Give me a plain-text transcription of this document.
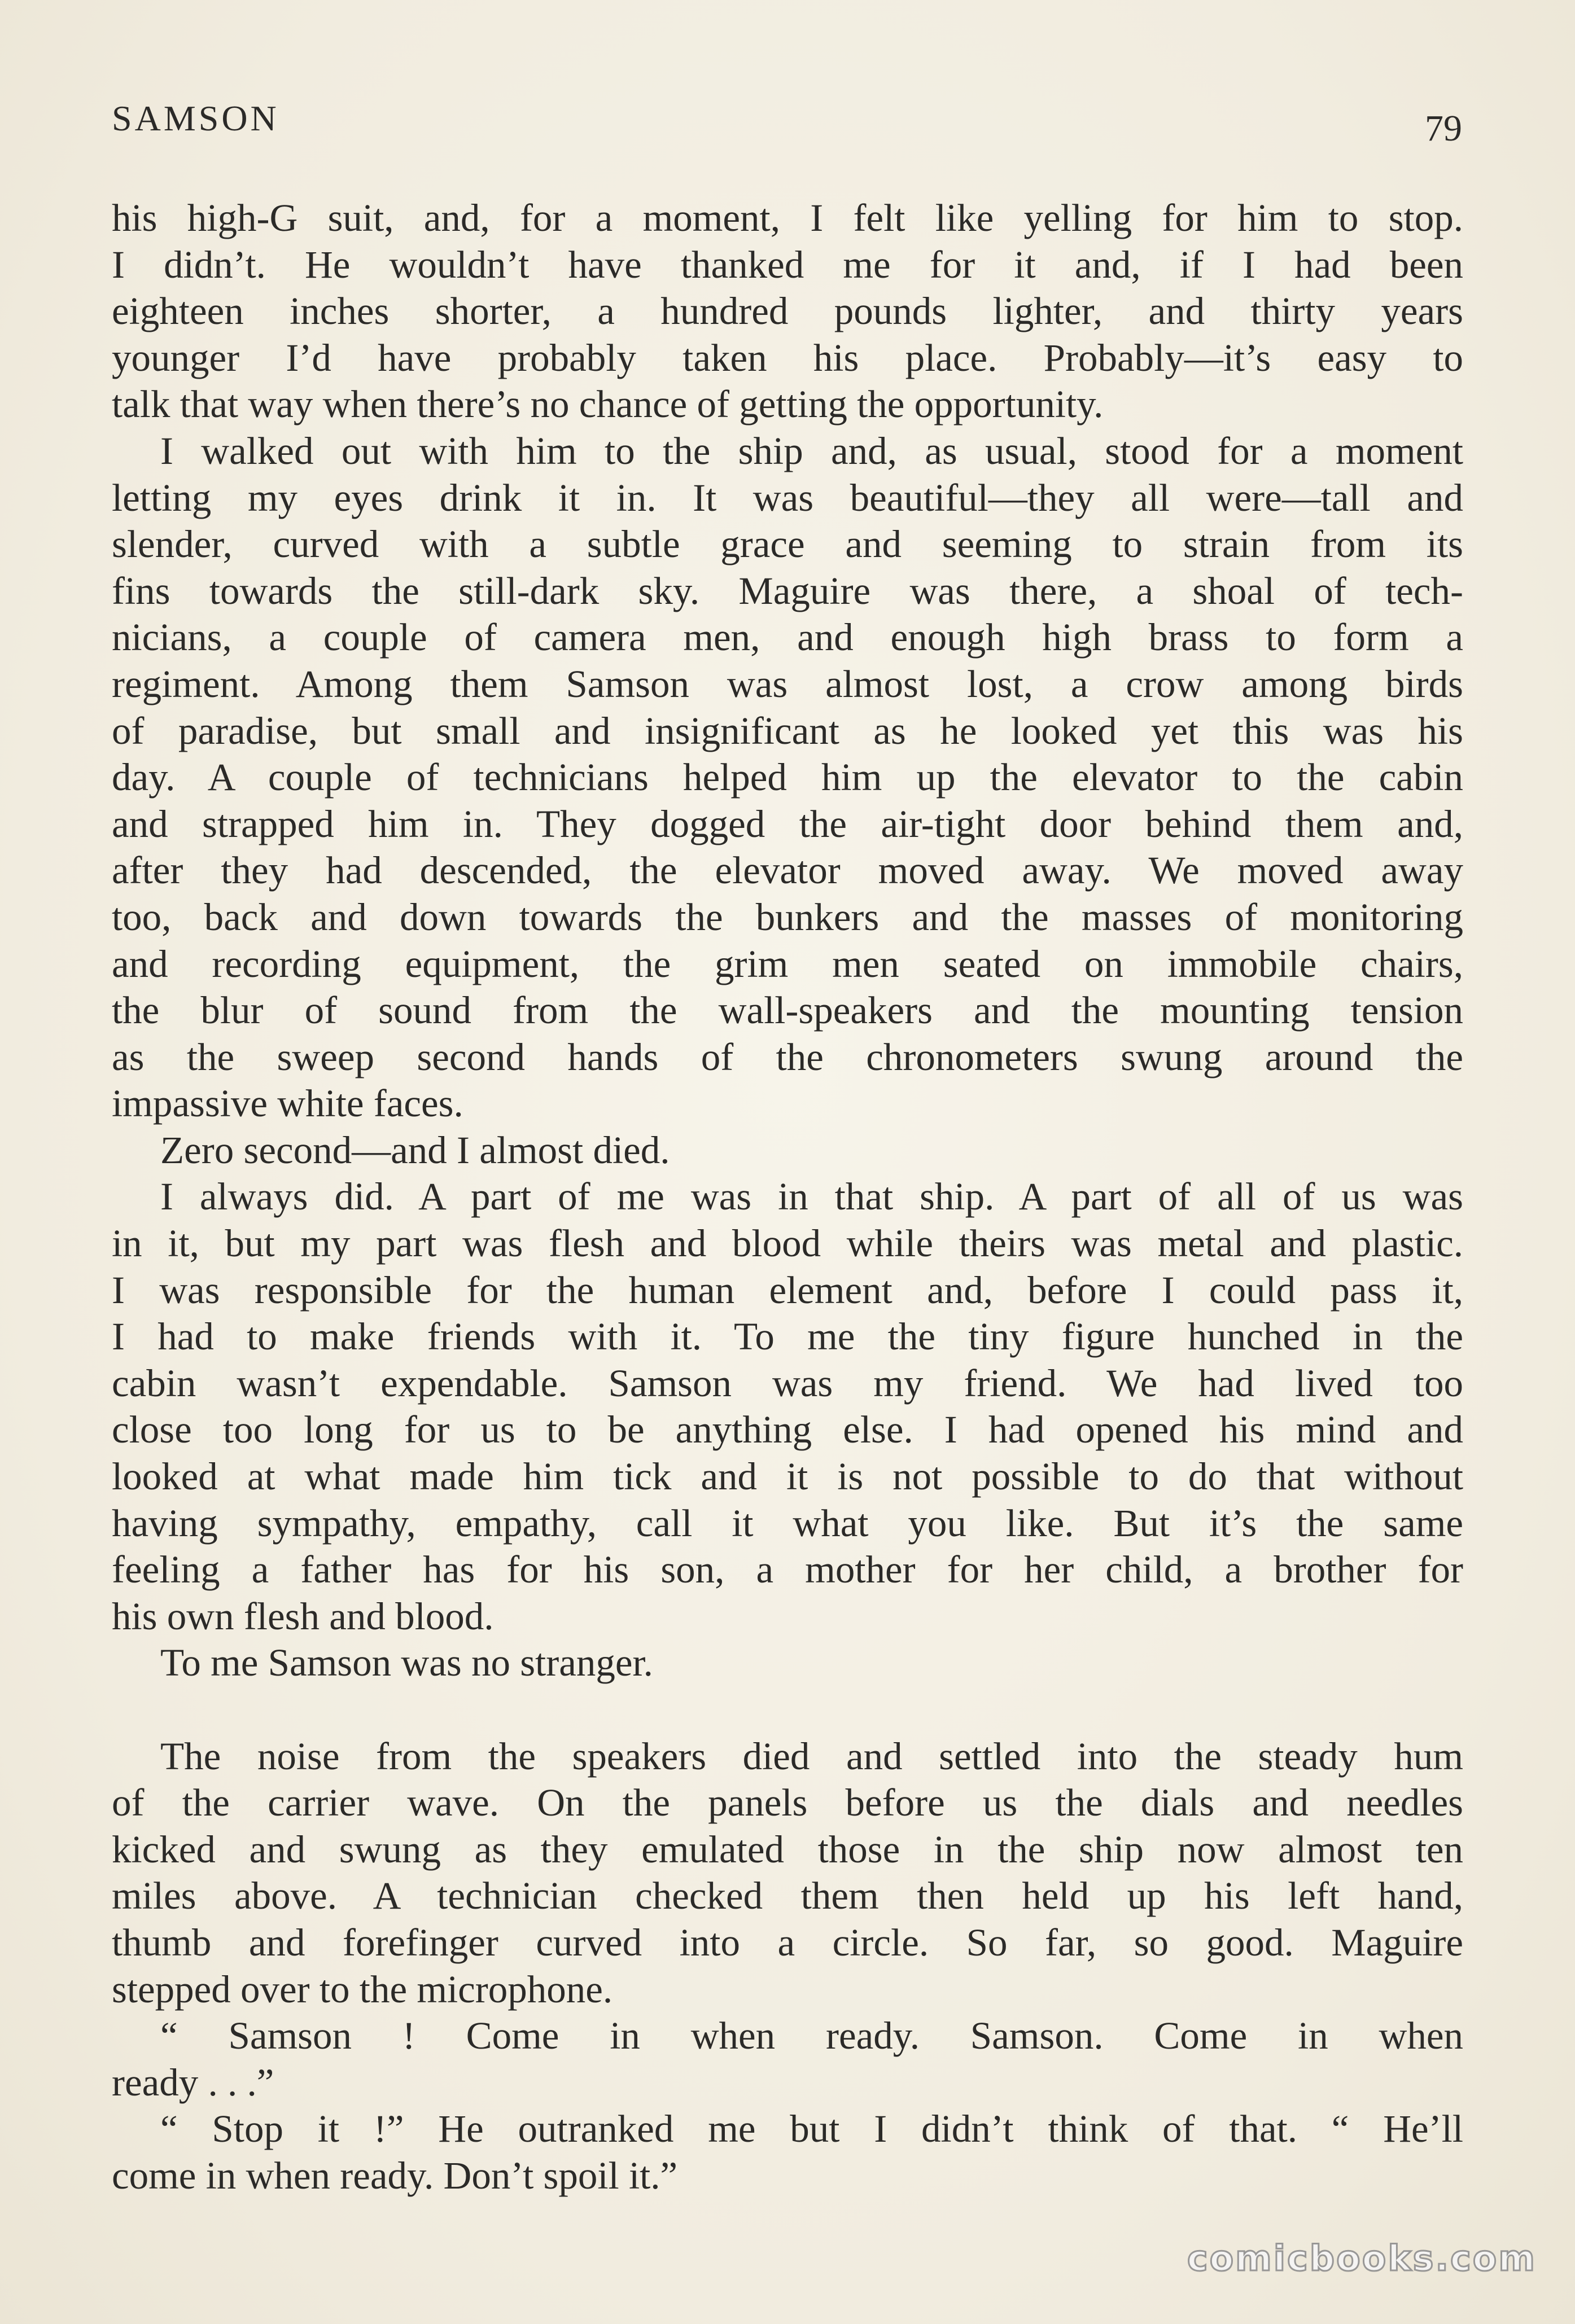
SAMSON	79
his high-G suit, and, for a moment, I felt like yelling for him to stop.
I didn’t. He wouldn’t have thanked me for it and, if I had been
eighteen inches shorter, a hundred pounds lighter, and thirty years
younger I’d have probably taken his place. Probably—it’s easy to
talk that way when there’s no chance of getting the opportunity.
I walked out with him to the ship and, as usual, stood for a moment
letting my eyes drink it in. It was beautiful—they all were—tall and
slender, curved with a subtle grace and seeming to strain from its
fins towards the still-dark sky. Maguire was there, a shoal of tech-
nicians, a couple of camera men, and enough high brass to form a
regiment. Among them Samson was almost lost, a crow among birds
of paradise, but small and insignificant as he looked yet this was his
day. A couple of technicians helped him up the elevator to the cabin
and strapped him in. They dogged the air-tight door behind them and,
after they had descended, the elevator moved away. We moved away
too, back and down towards the bunkers and the masses of monitoring
and recording equipment, the grim men seated on immobile chairs,
the blur of sound from the wall-speakers and the mounting tension
as the sweep second hands of the chronometers swung around the
impassive white faces.
Zero second—and I almost died.
I always did. A part of me was in that ship. A part of all of us was
in it, but my part was flesh and blood while theirs was metal and plastic.
I was responsible for the human element and, before I could pass it,
I had to make friends with it. To me the tiny figure hunched in the
cabin wasn’t expendable. Samson was my friend. We had lived too
close too long for us to be anything else. I had opened his mind and
looked at what made him tick and it is not possible to do that without
having sympathy, empathy, call it what you like. But it’s the same
feeling a father has for his son, a mother for her child, a brother for
his own flesh and blood.
To me Samson was no stranger.
The noise from the speakers died and settled into the steady hum
of the carrier wave. On the panels before us the dials and needles
kicked and swung as they emulated those in the ship now almost ten
miles above. A technician checked them then held up his left hand,
thumb and forefinger curved into a circle. So far, so good. Maguire
stepped over to the microphone.
“ Samson ! Come in when ready. Samson. Come in when
ready . . .”
“ Stop it !” He outranked me but I didn’t think of that. “ He’ll
come in when ready. Don’t spoil it.”
comicbooks.com
